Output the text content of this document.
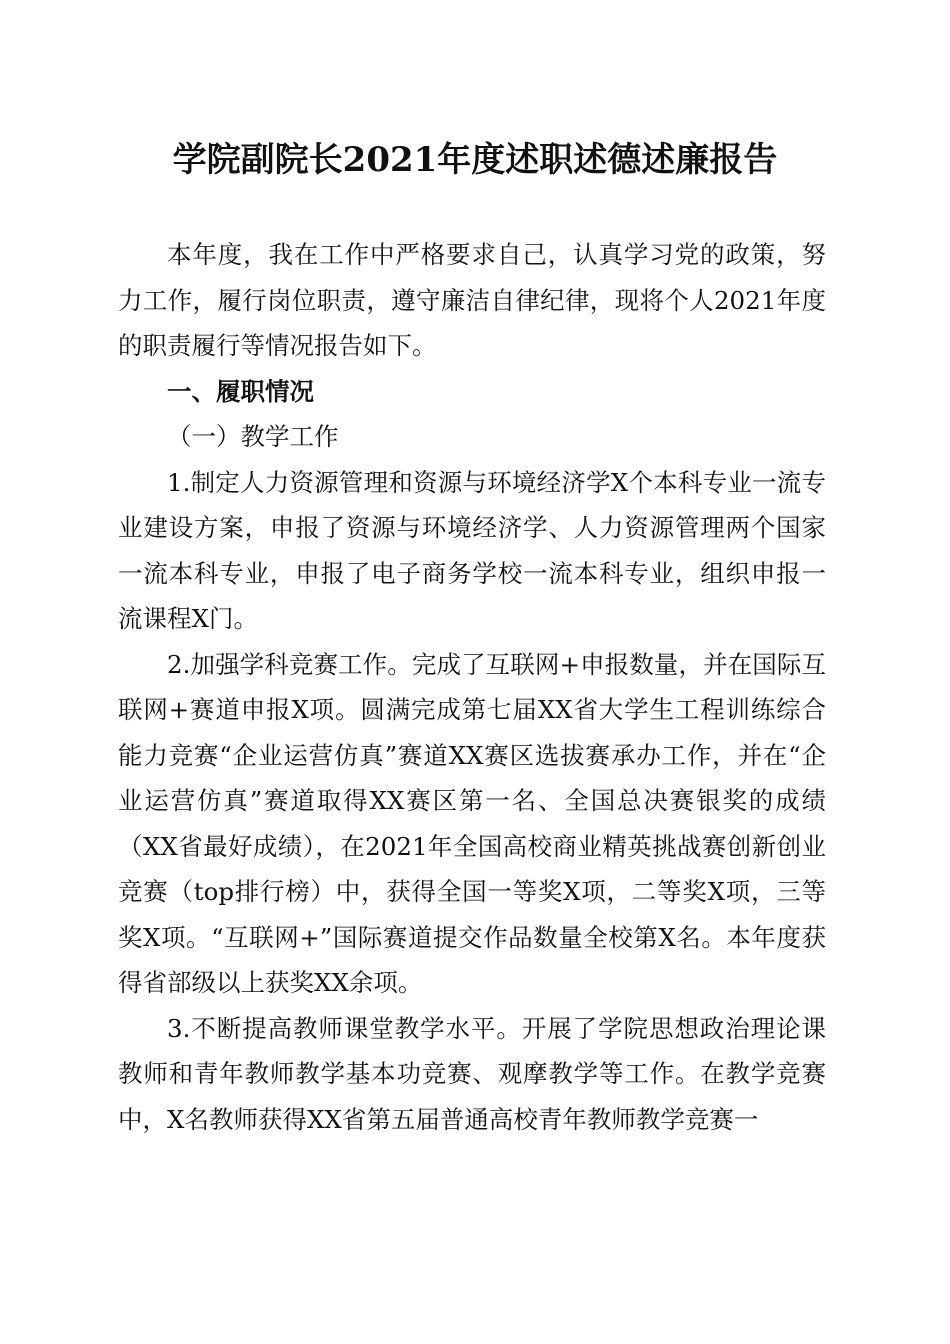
学院副院长2021年度述职述德述廉报告

本年度，我在工作中严格要求自己，认真学习党的政策，努力工作，履行岗位职责，遵守廉洁自律纪律，现将个人2021年度的职责履行等情况报告如下。

一、履职情况

（一）教学工作

1.制定人力资源管理和资源与环境经济学X个本科专业一流专业建设方案，申报了资源与环境经济学、人力资源管理两个国家一流本科专业，申报了电子商务学校一流本科专业，组织申报一流课程X门。

2.加强学科竞赛工作。完成了互联网+申报数量，并在国际互联网+赛道申报X项。圆满完成第七届XX省大学生工程训练综合能力竞赛“企业运营仿真”赛道XX赛区选拔赛承办工作，并在“企业运营仿真”赛道取得XX赛区第一名、全国总决赛银奖的成绩（XX省最好成绩），在2021年全国高校商业精英挑战赛创新创业竞赛（top排行榜）中，获得全国一等奖X项，二等奖X项，三等奖X项。“互联网+”国际赛道提交作品数量全校第X名。本年度获得省部级以上获奖XX余项。

3.不断提高教师课堂教学水平。开展了学院思想政治理论课教师和青年教师教学基本功竞赛、观摩教学等工作。在教学竞赛中，X名教师获得XX省第五届普通高校青年教师教学竞赛一
